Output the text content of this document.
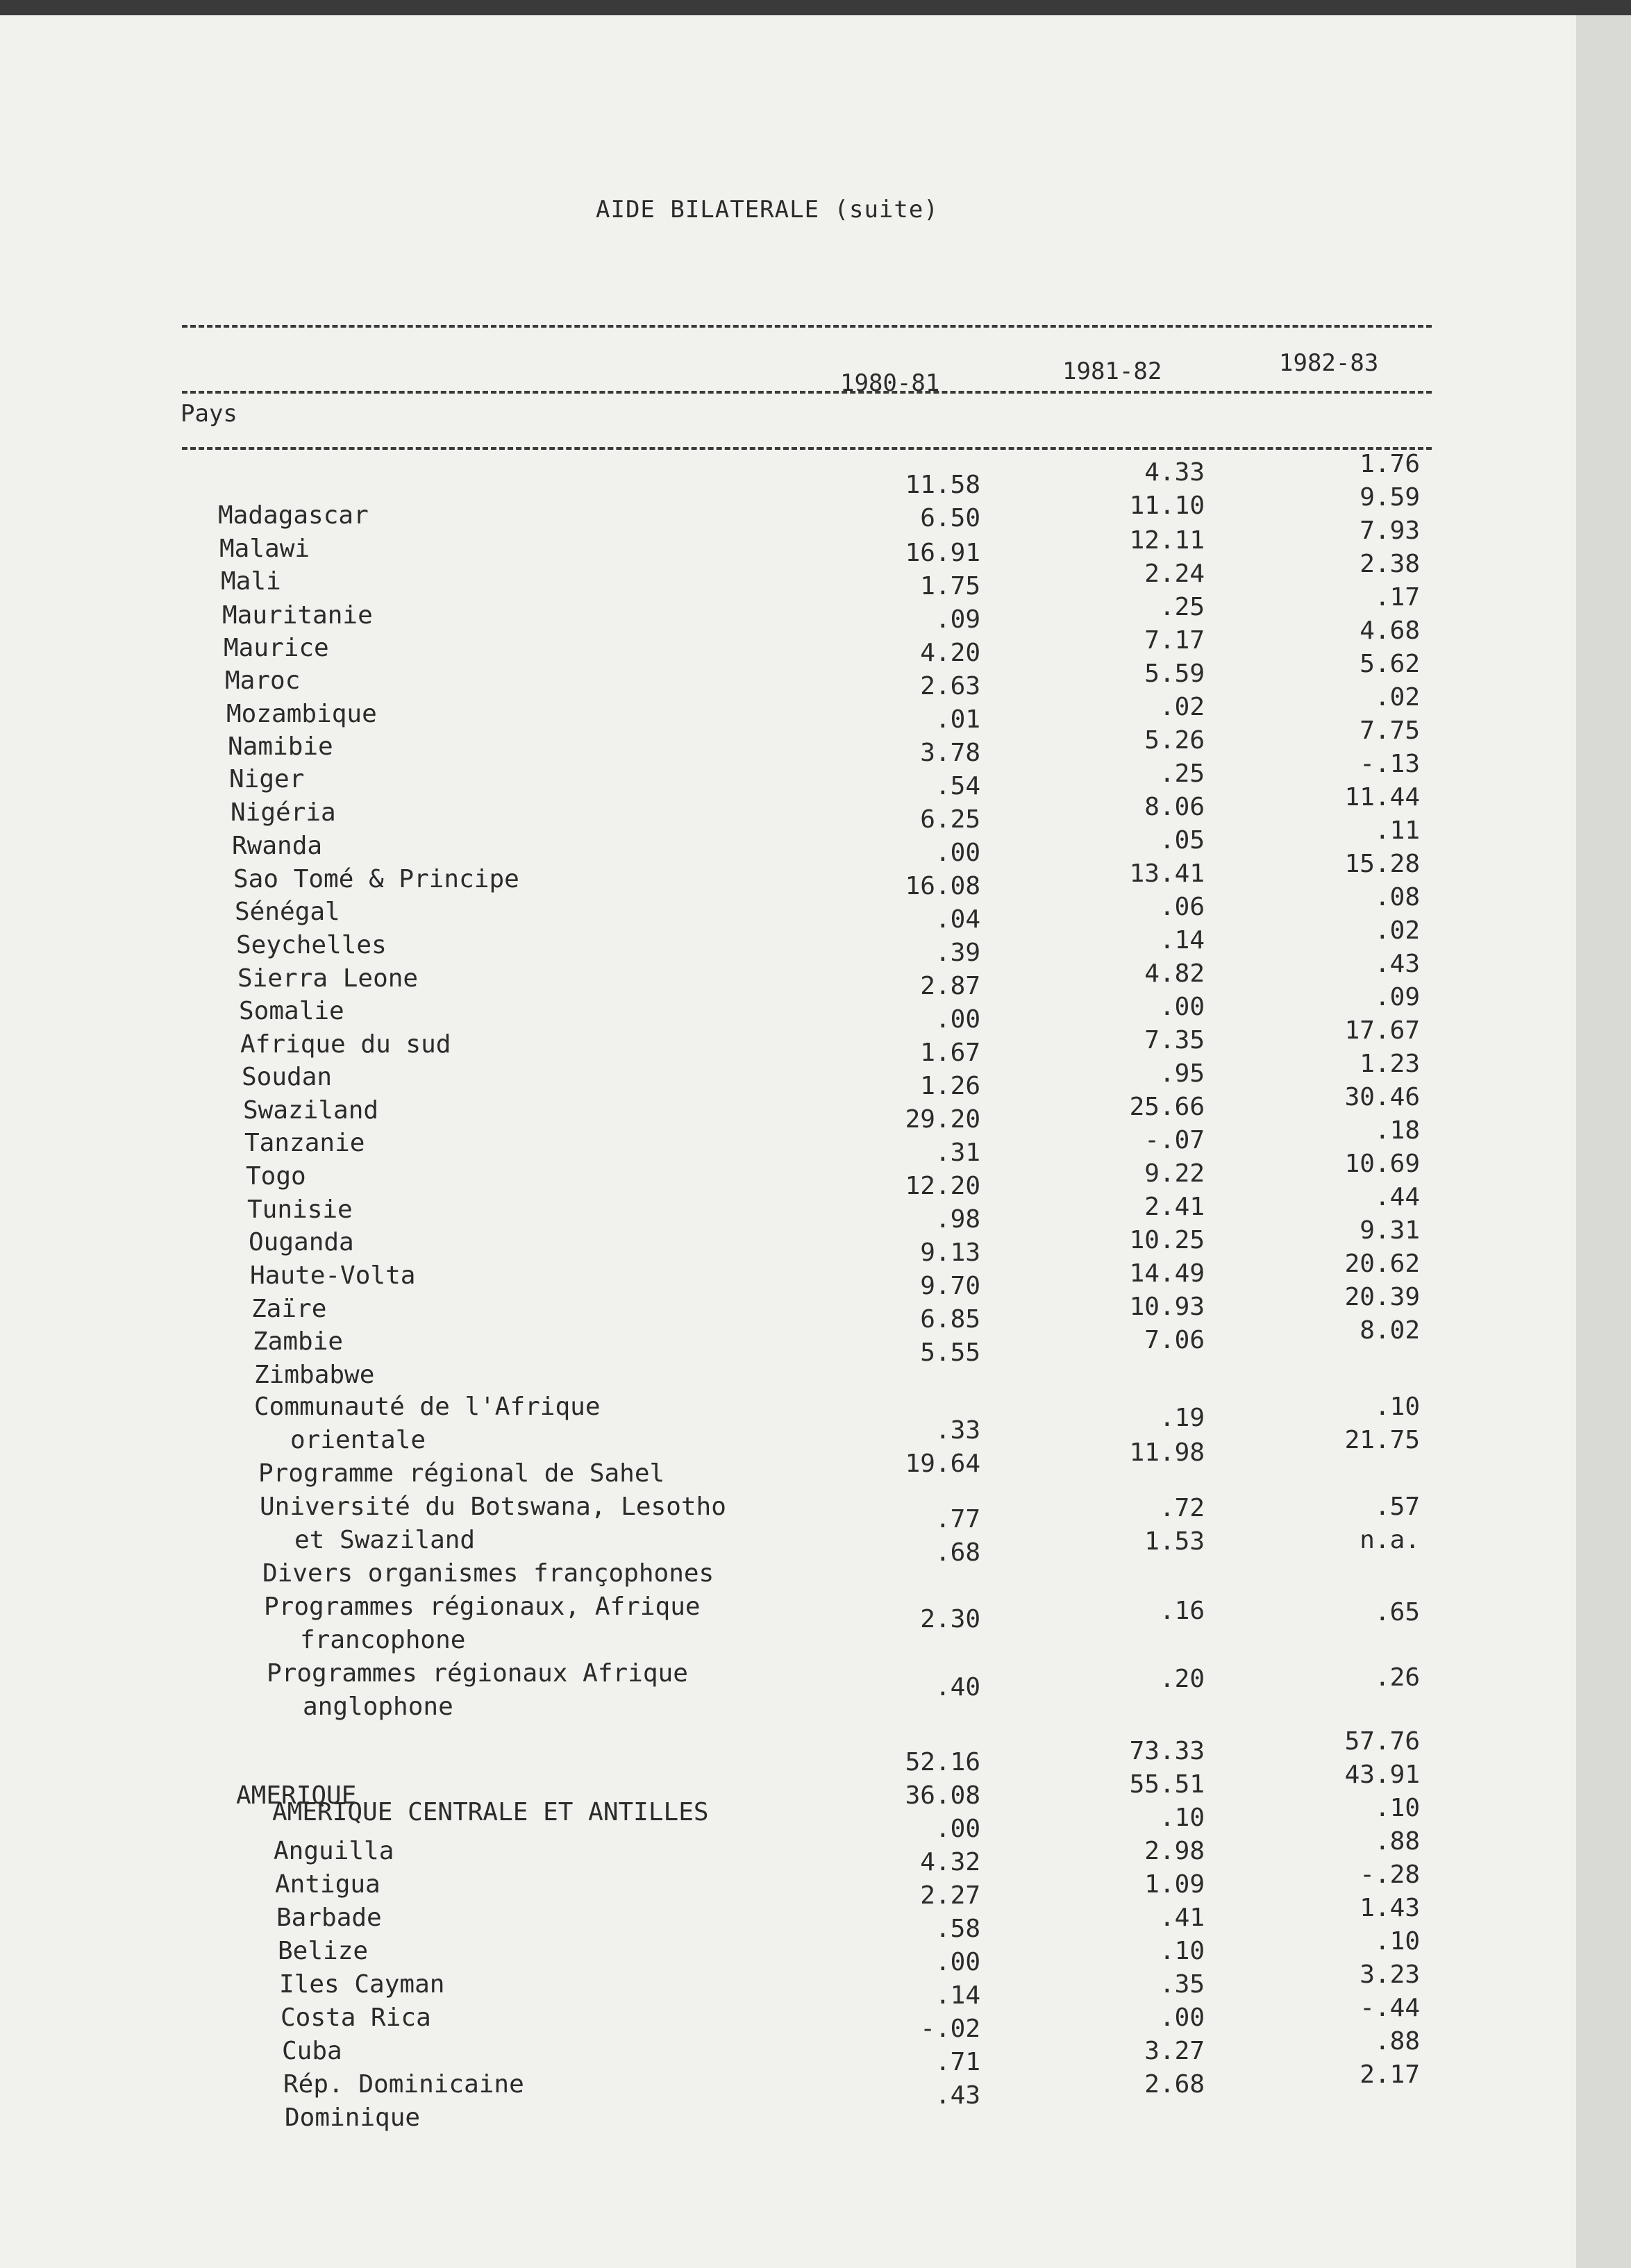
AIDE BILATERALE (suite)
Pays
1980-81	1981-82	1982-83
Madagascar
Malawi
Mali
Mauritanie
Maurice
Maroc
Mozambique
Namibie
Niger
Nigéria
Rwanda
Sao Tomé & Principe
Sénégal
Seychelles
Sierra Leone
Somalie
Afrique du sud
Soudan
Swaziland
Tanzanie
Togo
Tunisie
Ouganda
Haute-Volta
Zaïre
Zambie
Zimbabwe
Communauté de l'Afrique
orientale
Programme régional de Sahel
Université du Botswana, Lesotho
et Swaziland
Divers organismes françophones
Programmes régionaux, Afrique
francophone
Programmes régionaux Afrique
anglophone
AMERIQUE
AMERIQUE CENTRALE ET ANTILLES
Anguilla
Antigua
Barbade
Belize
Iles Cayman
Costa Rica
Cuba
Rép. Dominicaine
Dominique
11.58
6.50
16.91
1.75
.09
4.20
2.63
.01
3.78
.54
6.25
.00
16.08
.04
.39
2.87
.00
1.67
1.26
29.20
.31
12.20
.98
9.13
9.70
6.85
5.55
.33
19.64
.77
.68
2.30
.40
52.16
36.08
.00
4.32
2.27
.58
.00
.14
-.02
.71
.43
4.33
11.10
12.11
2.24
.25
7.17
5.59
.02
5.26
.25
8.06
.05
13.41
.06
.14
4.82
.00
7.35
.95
25.66
-.07
9.22
2.41
10.25
14.49
10.93
7.06
.19
11.98
.72
1.53
.16
.20
73.33
55.51
.10
2.98
1.09
.41
.10
.35
.00
3.27
2.68
1.76
9.59
7.93
2.38
.17
4.68
5.62
.02
7.75
-.13
11.44
.11
15.28
.08
.02
.43
.09
17.67
1.23
30.46
.18
10.69
.44
9.31
20.62
20.39
8.02
.10
21.75
.57
n.a.
.65
.26
57.76
43.91
.10
.88
-.28
1.43
.10
3.23
-.44
.88
2.17
